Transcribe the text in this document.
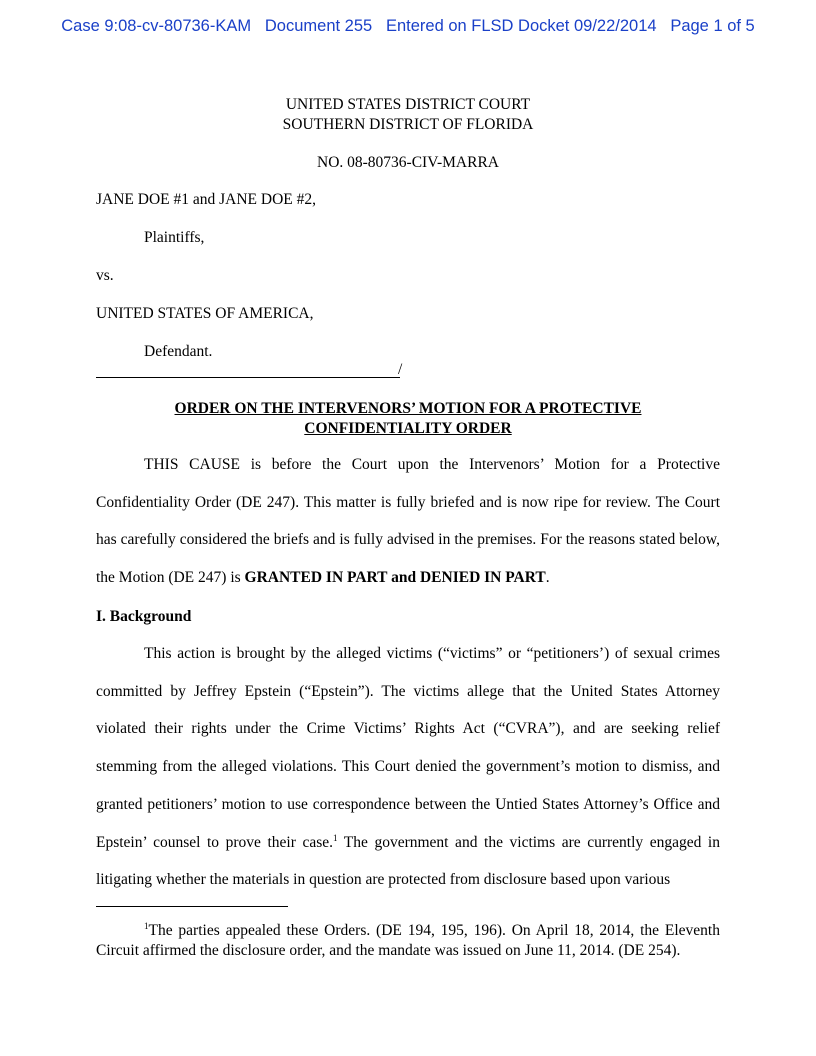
Case 9:08-cv-80736-KAM Document 255 Entered on FLSD Docket 09/22/2014 Page 1 of 5
UNITED STATES DISTRICT COURT
SOUTHERN DISTRICT OF FLORIDA
NO. 08-80736-CIV-MARRA
JANE DOE #1 and JANE DOE #2,
Plaintiffs,
vs.
UNITED STATES OF AMERICA,
Defendant.
/
ORDER ON THE INTERVENORS’ MOTION FOR A PROTECTIVE
CONFIDENTIALITY ORDER

THIS CAUSE is before the Court upon the Intervenors’ Motion for a Protective Confidentiality Order (DE 247). This matter is fully briefed and is now ripe for review. The Court has carefully considered the briefs and is fully advised in the premises. For the reasons stated below, the Motion (DE 247) is GRANTED IN PART and DENIED IN PART.

I. Background

This action is brought by the alleged victims (“victims” or “petitioners’) of sexual crimes committed by Jeffrey Epstein (“Epstein”). The victims allege that the United States Attorney violated their rights under the Crime Victims’ Rights Act (“CVRA”), and are seeking relief stemming from the alleged violations. This Court denied the government’s motion to dismiss, and granted petitioners’ motion to use correspondence between the Untied States Attorney’s Office and Epstein’ counsel to prove their case.$^1$ The government and the victims are currently engaged in litigating whether the materials in question are protected from disclosure based upon various

$^1$The parties appealed these Orders. (DE 194, 195, 196). On April 18, 2014, the Eleventh Circuit affirmed the disclosure order, and the mandate was issued on June 11, 2014. (DE 254).
